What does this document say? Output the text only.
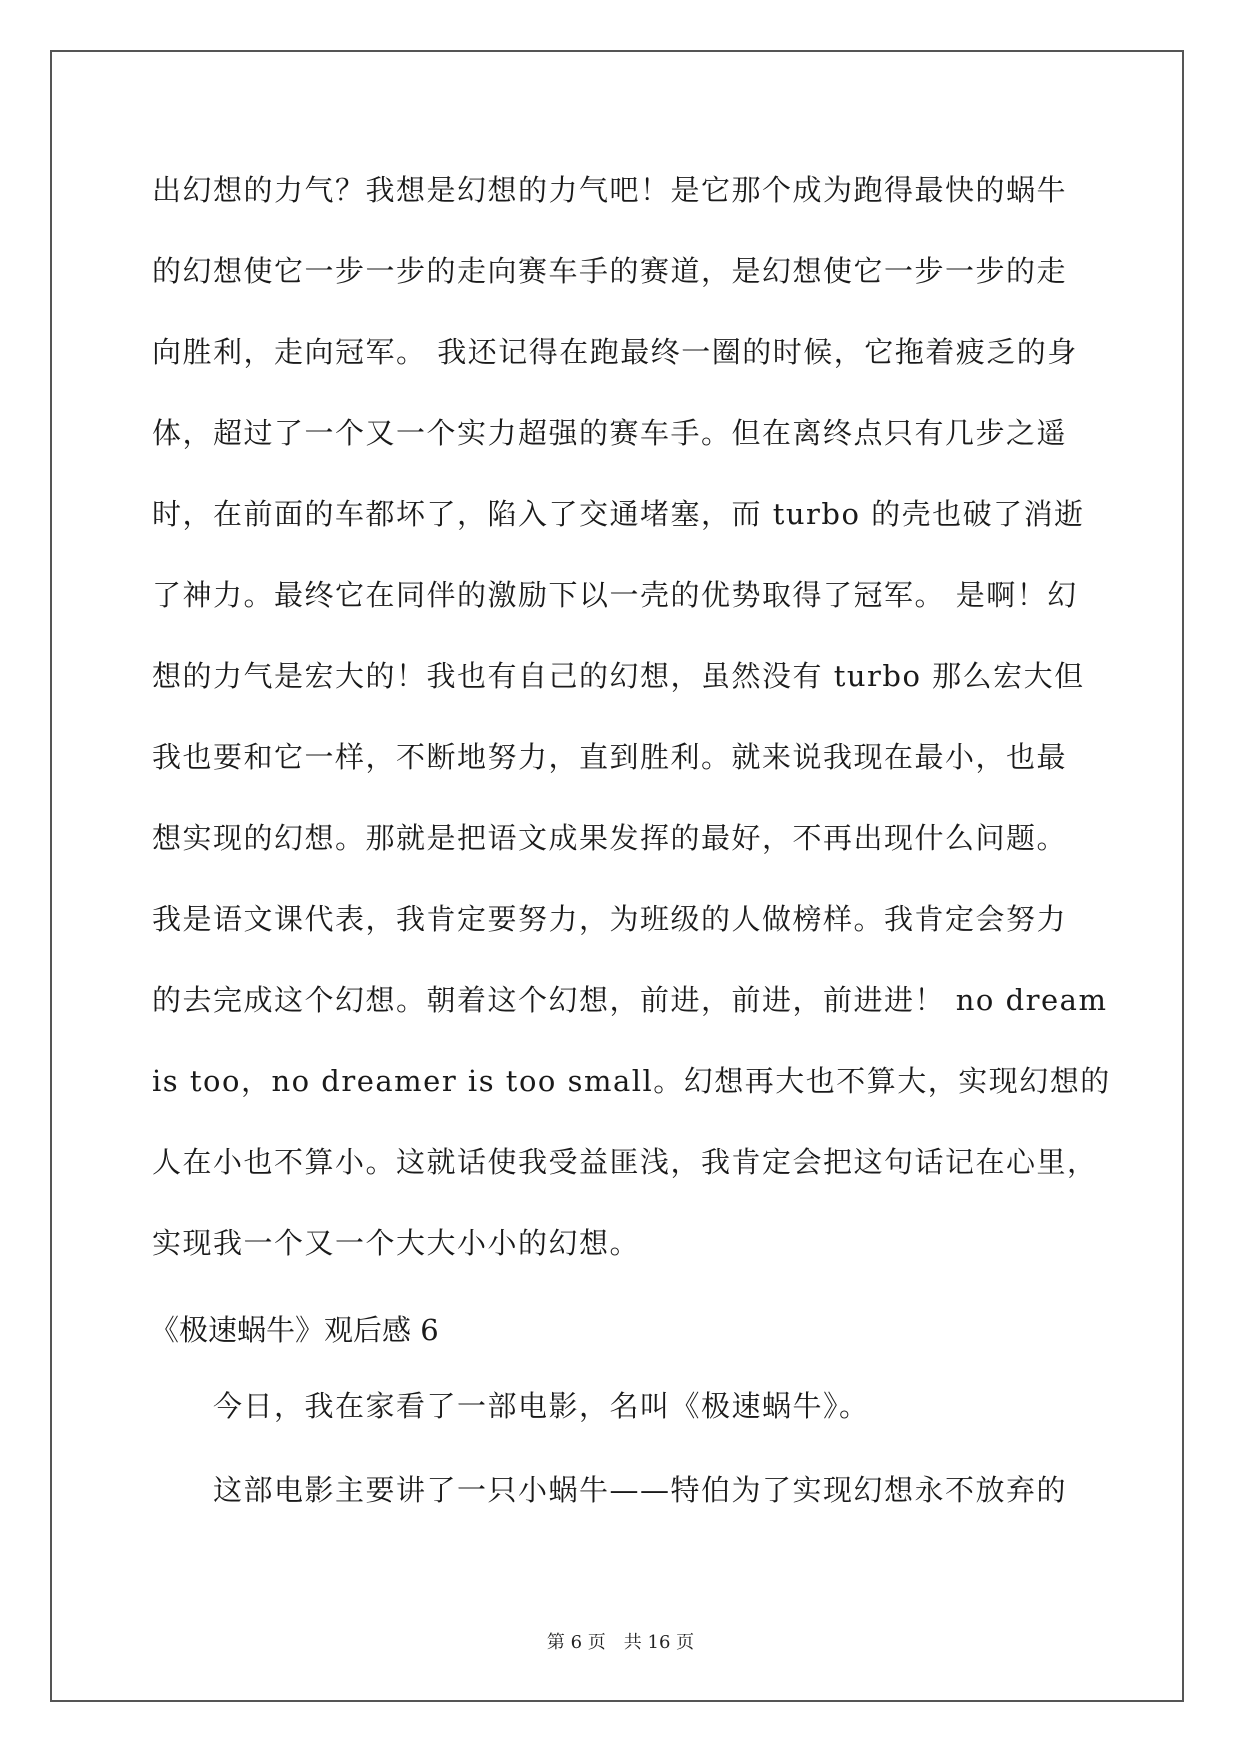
出幻想的力气？我想是幻想的力气吧！是它那个成为跑得最快的蜗牛
的幻想使它一步一步的走向赛车手的赛道，是幻想使它一步一步的走
向胜利，走向冠军。 我还记得在跑最终一圈的时候，它拖着疲乏的身
体，超过了一个又一个实力超强的赛车手。但在离终点只有几步之遥
时，在前面的车都坏了，陷入了交通堵塞，而 turbo 的壳也破了消逝
了神力。最终它在同伴的激励下以一壳的优势取得了冠军。 是啊！幻
想的力气是宏大的！我也有自己的幻想，虽然没有 turbo 那么宏大但
我也要和它一样，不断地努力，直到胜利。就来说我现在最小，也最
想实现的幻想。那就是把语文成果发挥的最好，不再出现什么问题。
我是语文课代表，我肯定要努力，为班级的人做榜样。我肯定会努力
的去完成这个幻想。朝着这个幻想，前进，前进，前进进！ no dream
is too，no dreamer is too small。幻想再大也不算大，实现幻想的
人在小也不算小。这就话使我受益匪浅，我肯定会把这句话记在心里，
实现我一个又一个大大小小的幻想。
《极速蜗牛》观后感 6
今日，我在家看了一部电影，名叫《极速蜗牛》。
这部电影主要讲了一只小蜗牛——特伯为了实现幻想永不放弃的
第 6 页　共 16 页
